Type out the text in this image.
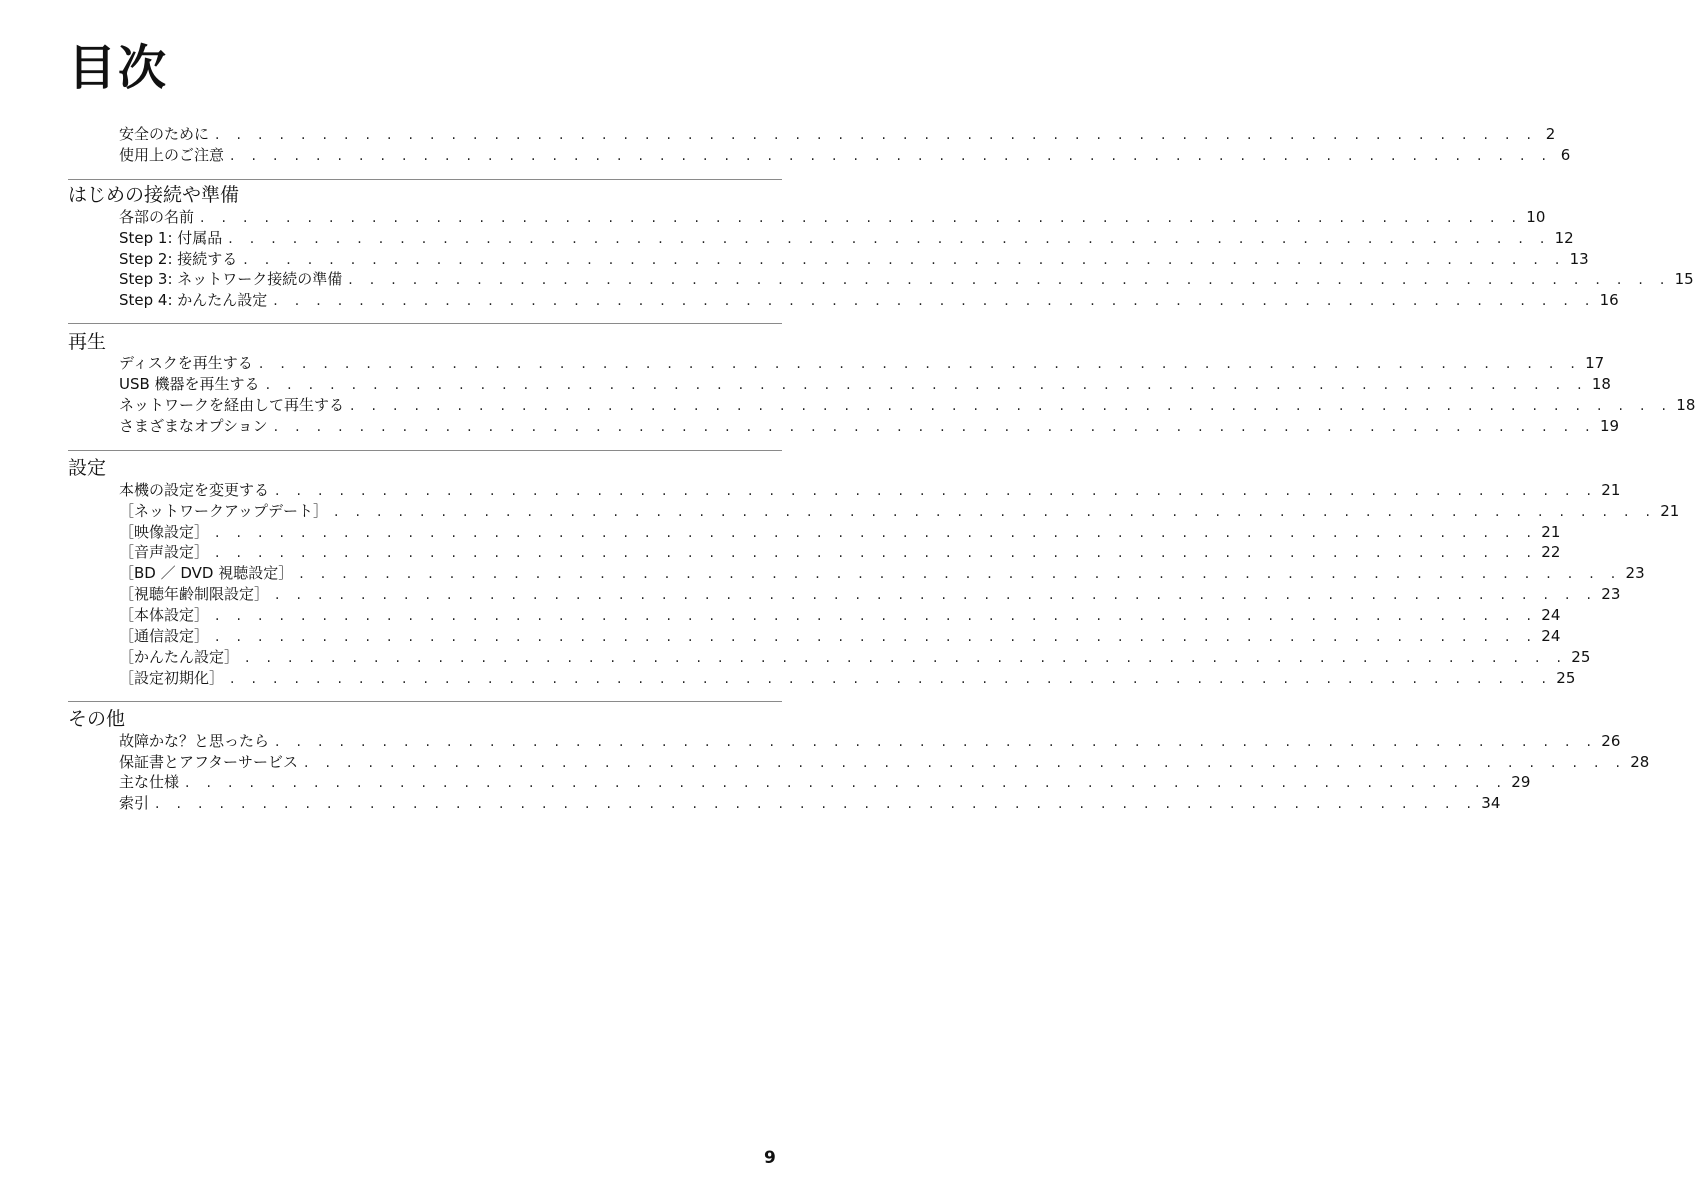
目次
安全のために . . . . . . . . . . . . . . . . . . . . . . . . . . . . . . . . . . . . . . . . . . . . . . . . . . . . . . . . . . . . . . 2
使用上のご注意 . . . . . . . . . . . . . . . . . . . . . . . . . . . . . . . . . . . . . . . . . . . . . . . . . . . . . . . . . . . . . . 6
はじめの接続や準備
各部の名前 . . . . . . . . . . . . . . . . . . . . . . . . . . . . . . . . . . . . . . . . . . . . . . . . . . . . . . . . . . . . . . 10
Step 1: 付属品 . . . . . . . . . . . . . . . . . . . . . . . . . . . . . . . . . . . . . . . . . . . . . . . . . . . . . . . . . . . . . . 12
Step 2: 接続する . . . . . . . . . . . . . . . . . . . . . . . . . . . . . . . . . . . . . . . . . . . . . . . . . . . . . . . . . . . . . . 13
Step 3: ネットワーク接続の準備 . . . . . . . . . . . . . . . . . . . . . . . . . . . . . . . . . . . . . . . . . . . . . . . . . . . . . . . . . . . . . . 15
Step 4: かんたん設定 . . . . . . . . . . . . . . . . . . . . . . . . . . . . . . . . . . . . . . . . . . . . . . . . . . . . . . . . . . . . . . 16
再生
ディスクを再生する . . . . . . . . . . . . . . . . . . . . . . . . . . . . . . . . . . . . . . . . . . . . . . . . . . . . . . . . . . . . . . 17
USB 機器を再生する . . . . . . . . . . . . . . . . . . . . . . . . . . . . . . . . . . . . . . . . . . . . . . . . . . . . . . . . . . . . . . 18
ネットワークを経由して再生する . . . . . . . . . . . . . . . . . . . . . . . . . . . . . . . . . . . . . . . . . . . . . . . . . . . . . . . . . . . . . . 18
さまざまなオプション . . . . . . . . . . . . . . . . . . . . . . . . . . . . . . . . . . . . . . . . . . . . . . . . . . . . . . . . . . . . . . 19
設定
本機の設定を変更する . . . . . . . . . . . . . . . . . . . . . . . . . . . . . . . . . . . . . . . . . . . . . . . . . . . . . . . . . . . . . . 21
［ネットワークアップデート］ . . . . . . . . . . . . . . . . . . . . . . . . . . . . . . . . . . . . . . . . . . . . . . . . . . . . . . . . . . . . . . 21
［映像設定］ . . . . . . . . . . . . . . . . . . . . . . . . . . . . . . . . . . . . . . . . . . . . . . . . . . . . . . . . . . . . . . 21
［音声設定］ . . . . . . . . . . . . . . . . . . . . . . . . . . . . . . . . . . . . . . . . . . . . . . . . . . . . . . . . . . . . . . 22
［BD ／ DVD 視聴設定］ . . . . . . . . . . . . . . . . . . . . . . . . . . . . . . . . . . . . . . . . . . . . . . . . . . . . . . . . . . . . . . 23
［視聴年齢制限設定］ . . . . . . . . . . . . . . . . . . . . . . . . . . . . . . . . . . . . . . . . . . . . . . . . . . . . . . . . . . . . . . 23
［本体設定］ . . . . . . . . . . . . . . . . . . . . . . . . . . . . . . . . . . . . . . . . . . . . . . . . . . . . . . . . . . . . . . 24
［通信設定］ . . . . . . . . . . . . . . . . . . . . . . . . . . . . . . . . . . . . . . . . . . . . . . . . . . . . . . . . . . . . . . 24
［かんたん設定］ . . . . . . . . . . . . . . . . . . . . . . . . . . . . . . . . . . . . . . . . . . . . . . . . . . . . . . . . . . . . . . 25
［設定初期化］ . . . . . . . . . . . . . . . . . . . . . . . . . . . . . . . . . . . . . . . . . . . . . . . . . . . . . . . . . . . . . . 25
その他
故障かな？と思ったら . . . . . . . . . . . . . . . . . . . . . . . . . . . . . . . . . . . . . . . . . . . . . . . . . . . . . . . . . . . . . . 26
保証書とアフターサービス . . . . . . . . . . . . . . . . . . . . . . . . . . . . . . . . . . . . . . . . . . . . . . . . . . . . . . . . . . . . . . 28
主な仕様 . . . . . . . . . . . . . . . . . . . . . . . . . . . . . . . . . . . . . . . . . . . . . . . . . . . . . . . . . . . . . . 29
索引 . . . . . . . . . . . . . . . . . . . . . . . . . . . . . . . . . . . . . . . . . . . . . . . . . . . . . . . . . . . . . . 34
9
